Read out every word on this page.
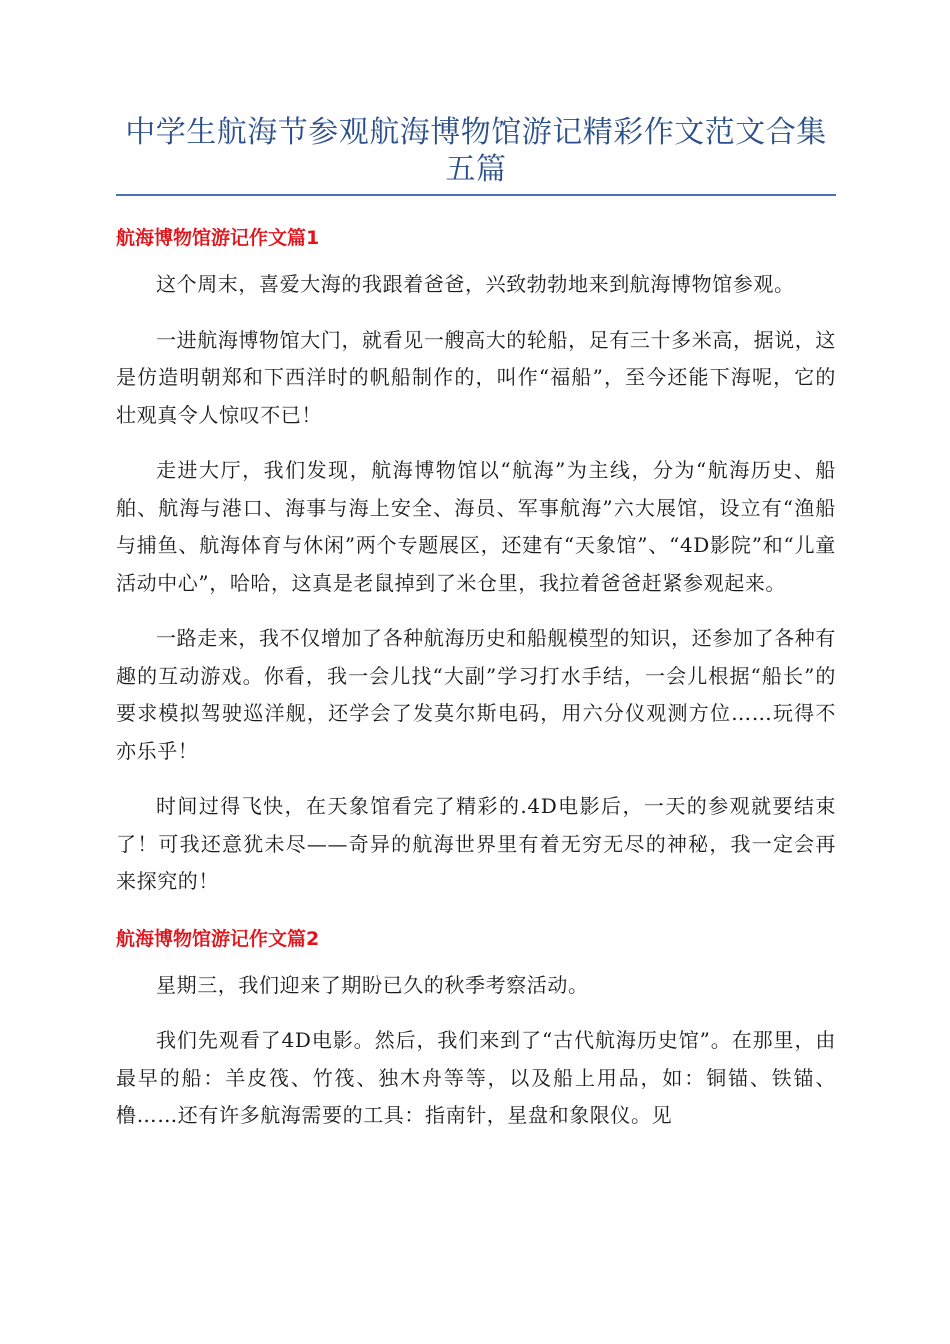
中学生航海节参观航海博物馆游记精彩作文范文合集五篇
航海博物馆游记作文篇1

这个周末，喜爱大海的我跟着爸爸，兴致勃勃地来到航海博物馆参观。

一进航海博物馆大门，就看见一艘高大的轮船，足有三十多米高，据说，这是仿造明朝郑和下西洋时的帆船制作的，叫作“福船”，至今还能下海呢，它的壮观真令人惊叹不已！

走进大厅，我们发现，航海博物馆以“航海”为主线，分为“航海历史、船舶、航海与港口、海事与海上安全、海员、军事航海”六大展馆，设立有“渔船与捕鱼、航海体育与休闲”两个专题展区，还建有“天象馆”、“4D影院”和“儿童活动中心”，哈哈，这真是老鼠掉到了米仓里，我拉着爸爸赶紧参观起来。

一路走来，我不仅增加了各种航海历史和船舰模型的知识，还参加了各种有趣的互动游戏。你看，我一会儿找“大副”学习打水手结，一会儿根据“船长”的要求模拟驾驶巡洋舰，还学会了发莫尔斯电码，用六分仪观测方位……玩得不亦乐乎！

时间过得飞快，在天象馆看完了精彩的.4D电影后，一天的参观就要结束了！可我还意犹未尽——奇异的航海世界里有着无穷无尽的神秘，我一定会再来探究的！

航海博物馆游记作文篇2

星期三，我们迎来了期盼已久的秋季考察活动。

我们先观看了4D电影。然后，我们来到了“古代航海历史馆”。在那里，由最早的船：羊皮筏、竹筏、独木舟等等，以及船上用品，如：铜锚、铁锚、橹……还有许多航海需要的工具：指南针，星盘和象限仪。见
